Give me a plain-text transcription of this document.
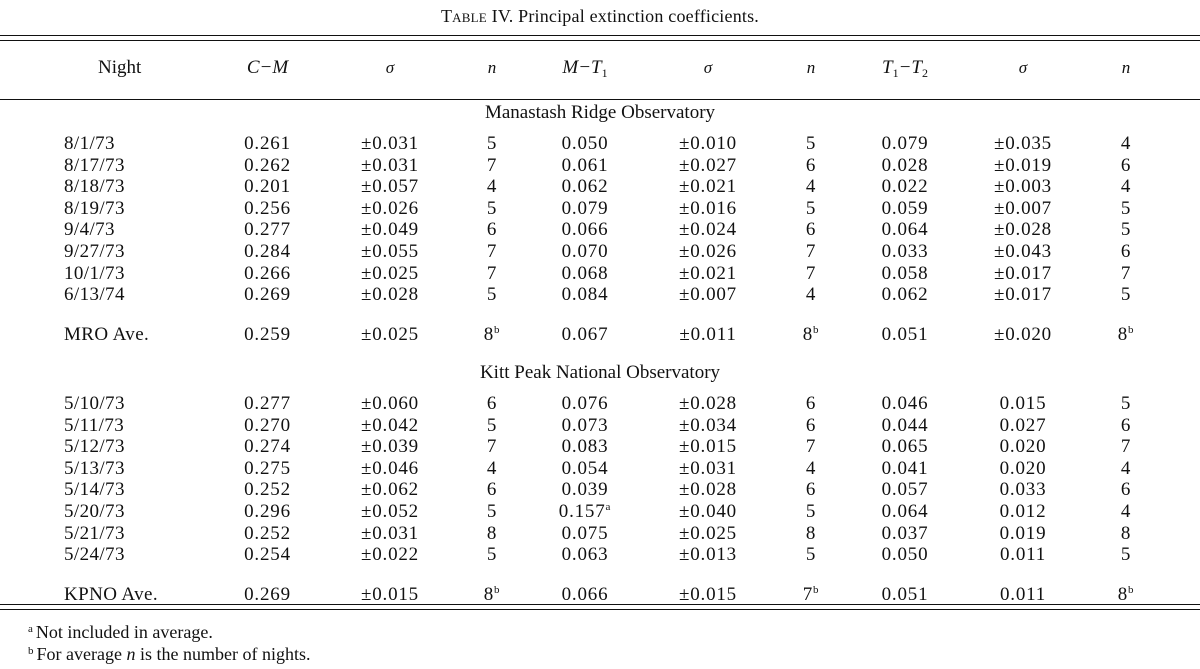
Table IV. Principal extinction coefficients.
Night	C−M	σ	n	$M-T_1$	σ	n	$T_1-T_2$	σ	n
Manastash Ridge Observatory
8/1/73	0.261	±0.031	5	0.050	±0.010	5	0.079	±0.035	4
8/17/73	0.262	±0.031	7	0.061	±0.027	6	0.028	±0.019	6
8/18/73	0.201	±0.057	4	0.062	±0.021	4	0.022	±0.003	4
8/19/73	0.256	±0.026	5	0.079	±0.016	5	0.059	±0.007	5
9/4/73	0.277	±0.049	6	0.066	±0.024	6	0.064	±0.028	5
9/27/73	0.284	±0.055	7	0.070	±0.026	7	0.033	±0.043	6
10/1/73	0.266	±0.025	7	0.068	±0.021	7	0.058	±0.017	7
6/13/74	0.269	±0.028	5	0.084	±0.007	4	0.062	±0.017	5
MRO Ave.	0.259	±0.025	8$^b$	0.067	±0.011	8$^b$	0.051	±0.020	8$^b$
Kitt Peak National Observatory
5/10/73	0.277	±0.060	6	0.076	±0.028	6	0.046	0.015	5
5/11/73	0.270	±0.042	5	0.073	±0.034	6	0.044	0.027	6
5/12/73	0.274	±0.039	7	0.083	±0.015	7	0.065	0.020	7
5/13/73	0.275	±0.046	4	0.054	±0.031	4	0.041	0.020	4
5/14/73	0.252	±0.062	6	0.039	±0.028	6	0.057	0.033	6
5/20/73	0.296	±0.052	5	0.157$^a$	±0.040	5	0.064	0.012	4
5/21/73	0.252	±0.031	8	0.075	±0.025	8	0.037	0.019	8
5/24/73	0.254	±0.022	5	0.063	±0.013	5	0.050	0.011	5
KPNO Ave.	0.269	±0.015	8$^b$	0.066	±0.015	7$^b$	0.051	0.011	8$^b$
$^a$ Not included in average.
$^b$ For average n is the number of nights.
